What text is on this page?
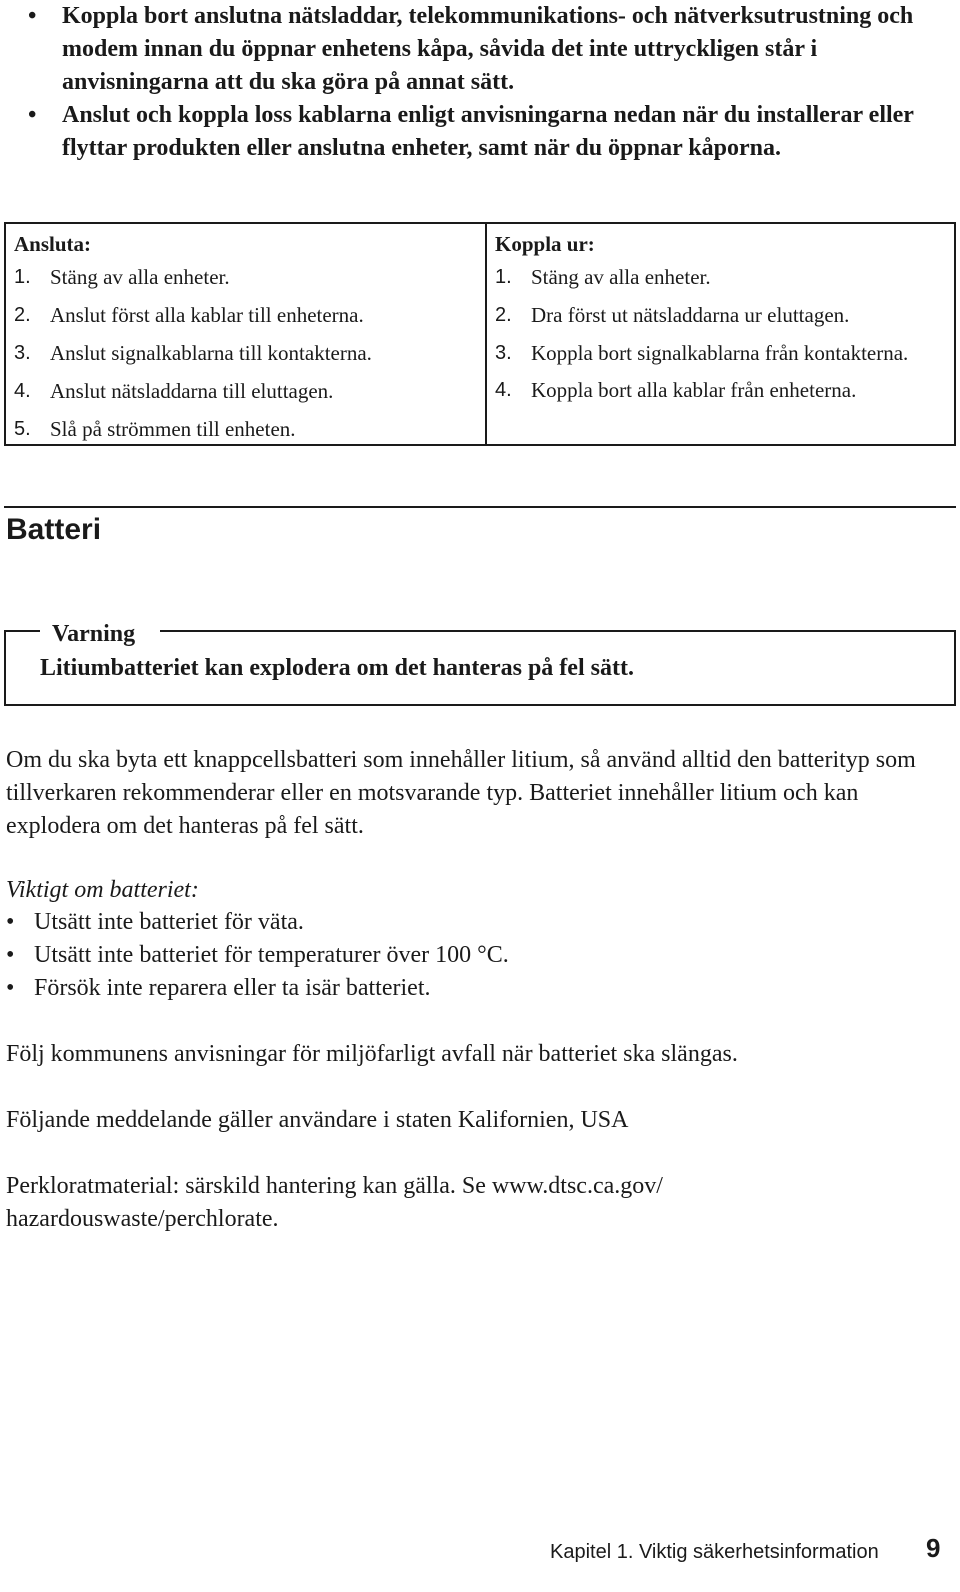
• Koppla bort anslutna nätsladdar, telekommunikations- och nätverksutrustning och modem innan du öppnar enhetens kåpa, såvida det inte uttryckligen står i anvisningarna att du ska göra på annat sätt.
• Anslut och koppla loss kablarna enligt anvisningarna nedan när du installerar eller flyttar produkten eller anslutna enheter, samt när du öppnar kåporna.
Ansluta:
1. Stäng av alla enheter.
2. Anslut först alla kablar till enheterna.
3. Anslut signalkablarna till kontakterna.
4. Anslut nätsladdarna till eluttagen.
5. Slå på strömmen till enheten.
Koppla ur:
1. Stäng av alla enheter.
2. Dra först ut nätsladdarna ur eluttagen.
3. Koppla bort signalkablarna från kontakterna.
4. Koppla bort alla kablar från enheterna.
Batteri
Varning
Litiumbatteriet kan explodera om det hanteras på fel sätt.

Om du ska byta ett knappcellsbatteri som innehåller litium, så använd alltid den batterityp som tillverkaren rekommenderar eller en motsvarande typ. Batteriet innehåller litium och kan explodera om det hanteras på fel sätt.

Viktigt om batteriet:
• Utsätt inte batteriet för väta.
• Utsätt inte batteriet för temperaturer över 100 °C.
• Försök inte reparera eller ta isär batteriet.

Följ kommunens anvisningar för miljöfarligt avfall när batteriet ska slängas.

Följande meddelande gäller användare i staten Kalifornien, USA

Perkloratmaterial: särskild hantering kan gälla. Se www.dtsc.ca.gov/ hazardouswaste/perchlorate.

Kapitel 1. Viktig säkerhetsinformation 9
